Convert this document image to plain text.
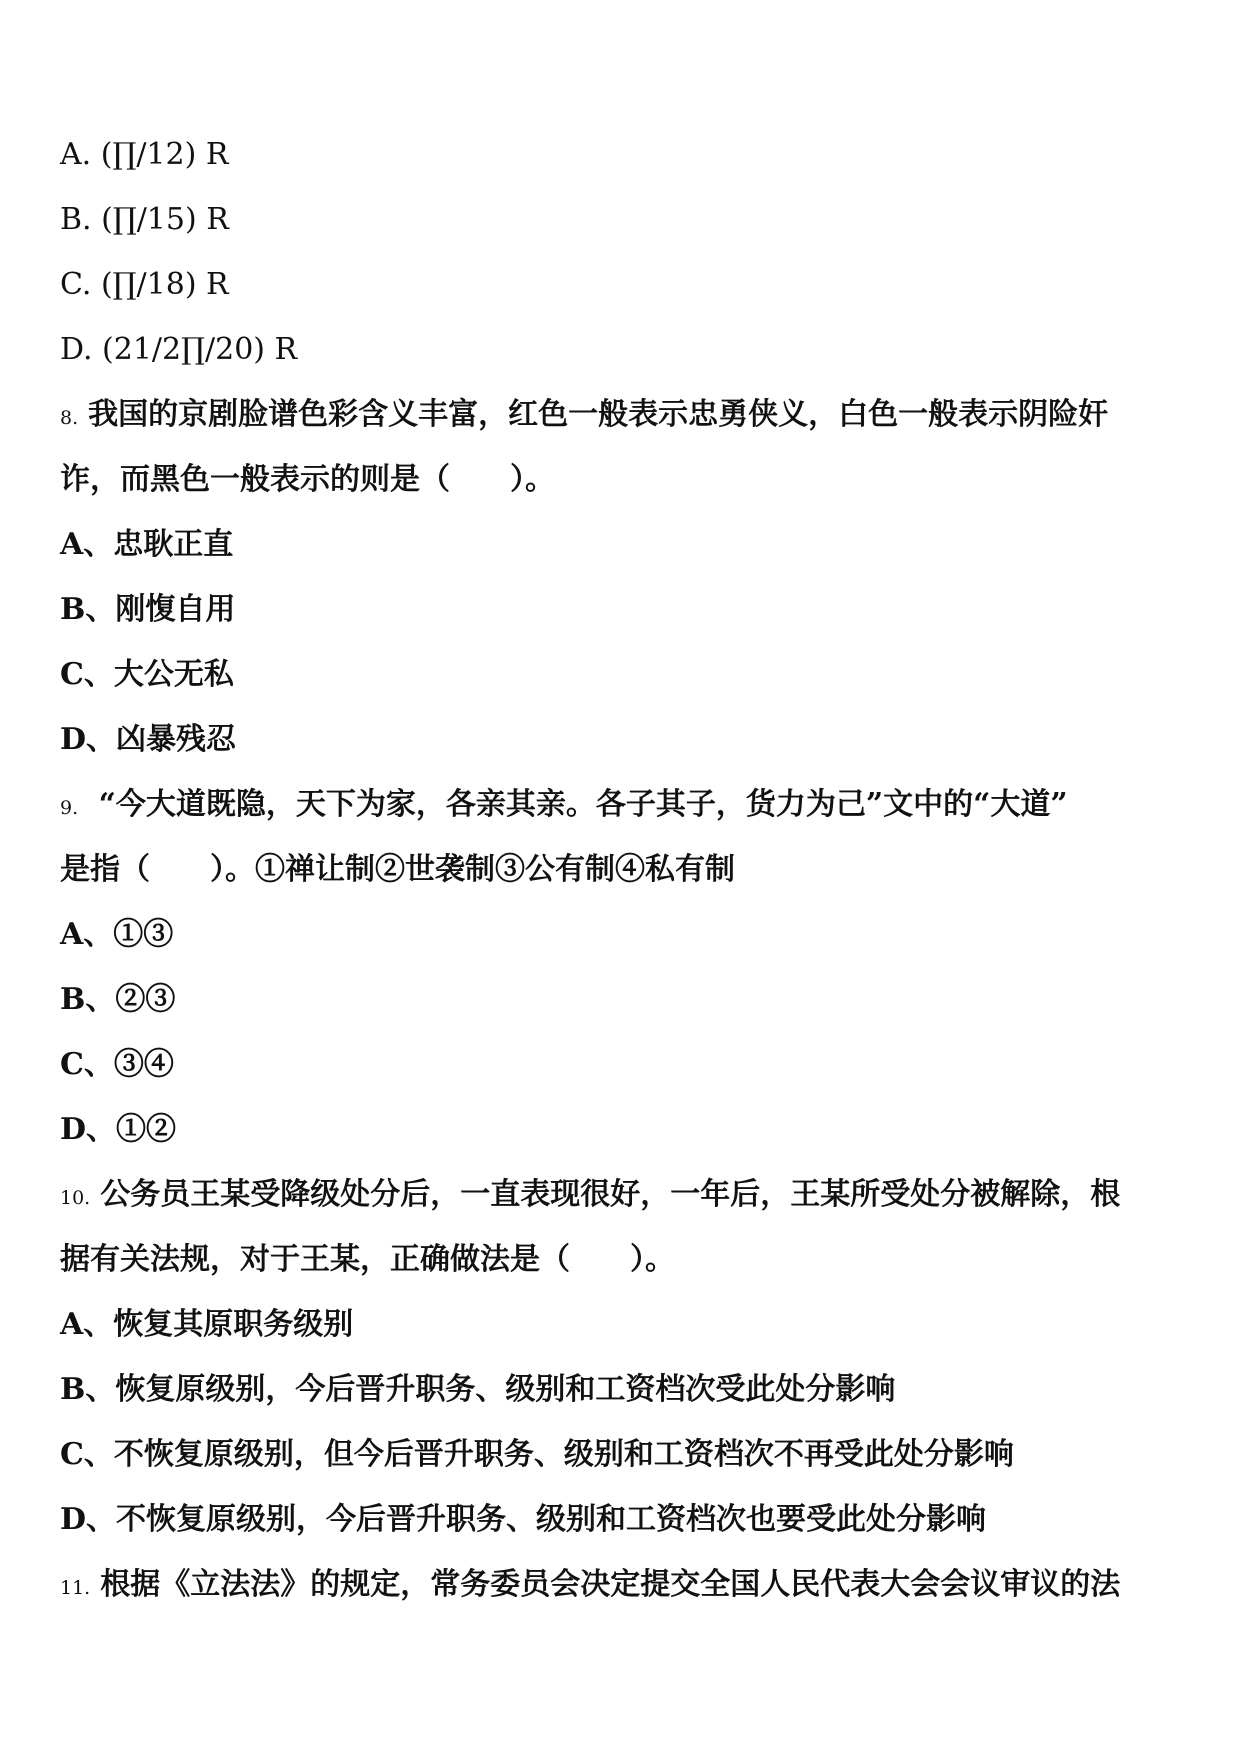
A. (∏/12) R
B. (∏/15) R
C. (∏/18) R
D. (21/2∏/20) R
8. 我国的京剧脸谱色彩含义丰富，红色一般表示忠勇侠义，白色一般表示阴险奸
诈，而黑色一般表示的则是（　　）。
A、忠耿正直
B、刚愎自用
C、大公无私
D、凶暴残忍
9. “今大道既隐，天下为家，各亲其亲。各子其子，货力为己”文中的“大道”
是指（　　）。①禅让制②世袭制③公有制④私有制
A、①③
B、②③
C、③④
D、①②
10. 公务员王某受降级处分后，一直表现很好，一年后，王某所受处分被解除，根
据有关法规，对于王某，正确做法是（　　）。
A、恢复其原职务级别
B、恢复原级别，今后晋升职务、级别和工资档次受此处分影响
C、不恢复原级别，但今后晋升职务、级别和工资档次不再受此处分影响
D、不恢复原级别，今后晋升职务、级别和工资档次也要受此处分影响
11. 根据《立法法》的规定，常务委员会决定提交全国人民代表大会会议审议的法
